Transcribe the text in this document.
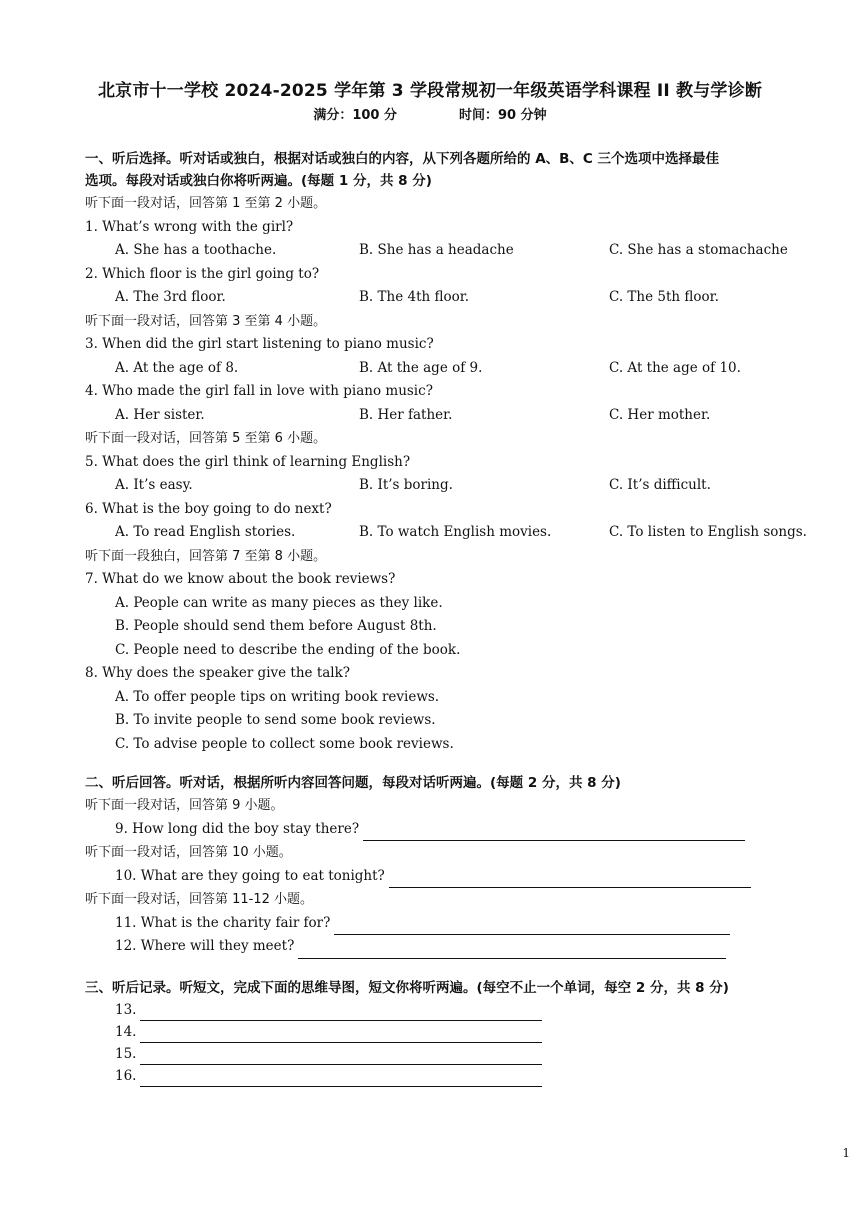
北京市十一学校 2024-2025 学年第 3 学段常规初一年级英语学科课程 II 教与学诊断
满分：100 分	时间：90 分钟
一、听后选择。听对话或独白，根据对话或独白的内容，从下列各题所给的 A、B、C 三个选项中选择最佳
选项。每段对话或独白你将听两遍。(每题 1 分，共 8 分)
听下面一段对话，回答第 1 至第 2 小题。
1. What’s wrong with the girl?
A. She has a toothache.	B. She has a headache	C. She has a stomachache
2. Which floor is the girl going to?
A. The 3rd floor.	B. The 4th floor.	C. The 5th floor.
听下面一段对话，回答第 3 至第 4 小题。
3. When did the girl start listening to piano music?
A. At the age of 8.	B. At the age of 9.	C. At the age of 10.
4. Who made the girl fall in love with piano music?
A. Her sister.	B. Her father.	C. Her mother.
听下面一段对话，回答第 5 至第 6 小题。
5. What does the girl think of learning English?
A. It’s easy.	B. It’s boring.	C. It’s difficult.
6. What is the boy going to do next?
A. To read English stories.	B. To watch English movies.	C. To listen to English songs.
听下面一段独白，回答第 7 至第 8 小题。
7. What do we know about the book reviews?
A. People can write as many pieces as they like.
B. People should send them before August 8th.
C. People need to describe the ending of the book.
8. Why does the speaker give the talk?
A. To offer people tips on writing book reviews.
B. To invite people to send some book reviews.
C. To advise people to collect some book reviews.
二、听后回答。听对话，根据所听内容回答问题，每段对话听两遍。(每题 2 分，共 8 分)
听下面一段对话，回答第 9 小题。
9. How long did the boy stay there?
听下面一段对话，回答第 10 小题。
10. What are they going to eat tonight?
听下面一段对话，回答第 11-12 小题。
11. What is the charity fair for?
12. Where will they meet?
三、听后记录。听短文，完成下面的思维导图，短文你将听两遍。(每空不止一个单词，每空 2 分，共 8 分)
13.
14.
15.
16.
1
